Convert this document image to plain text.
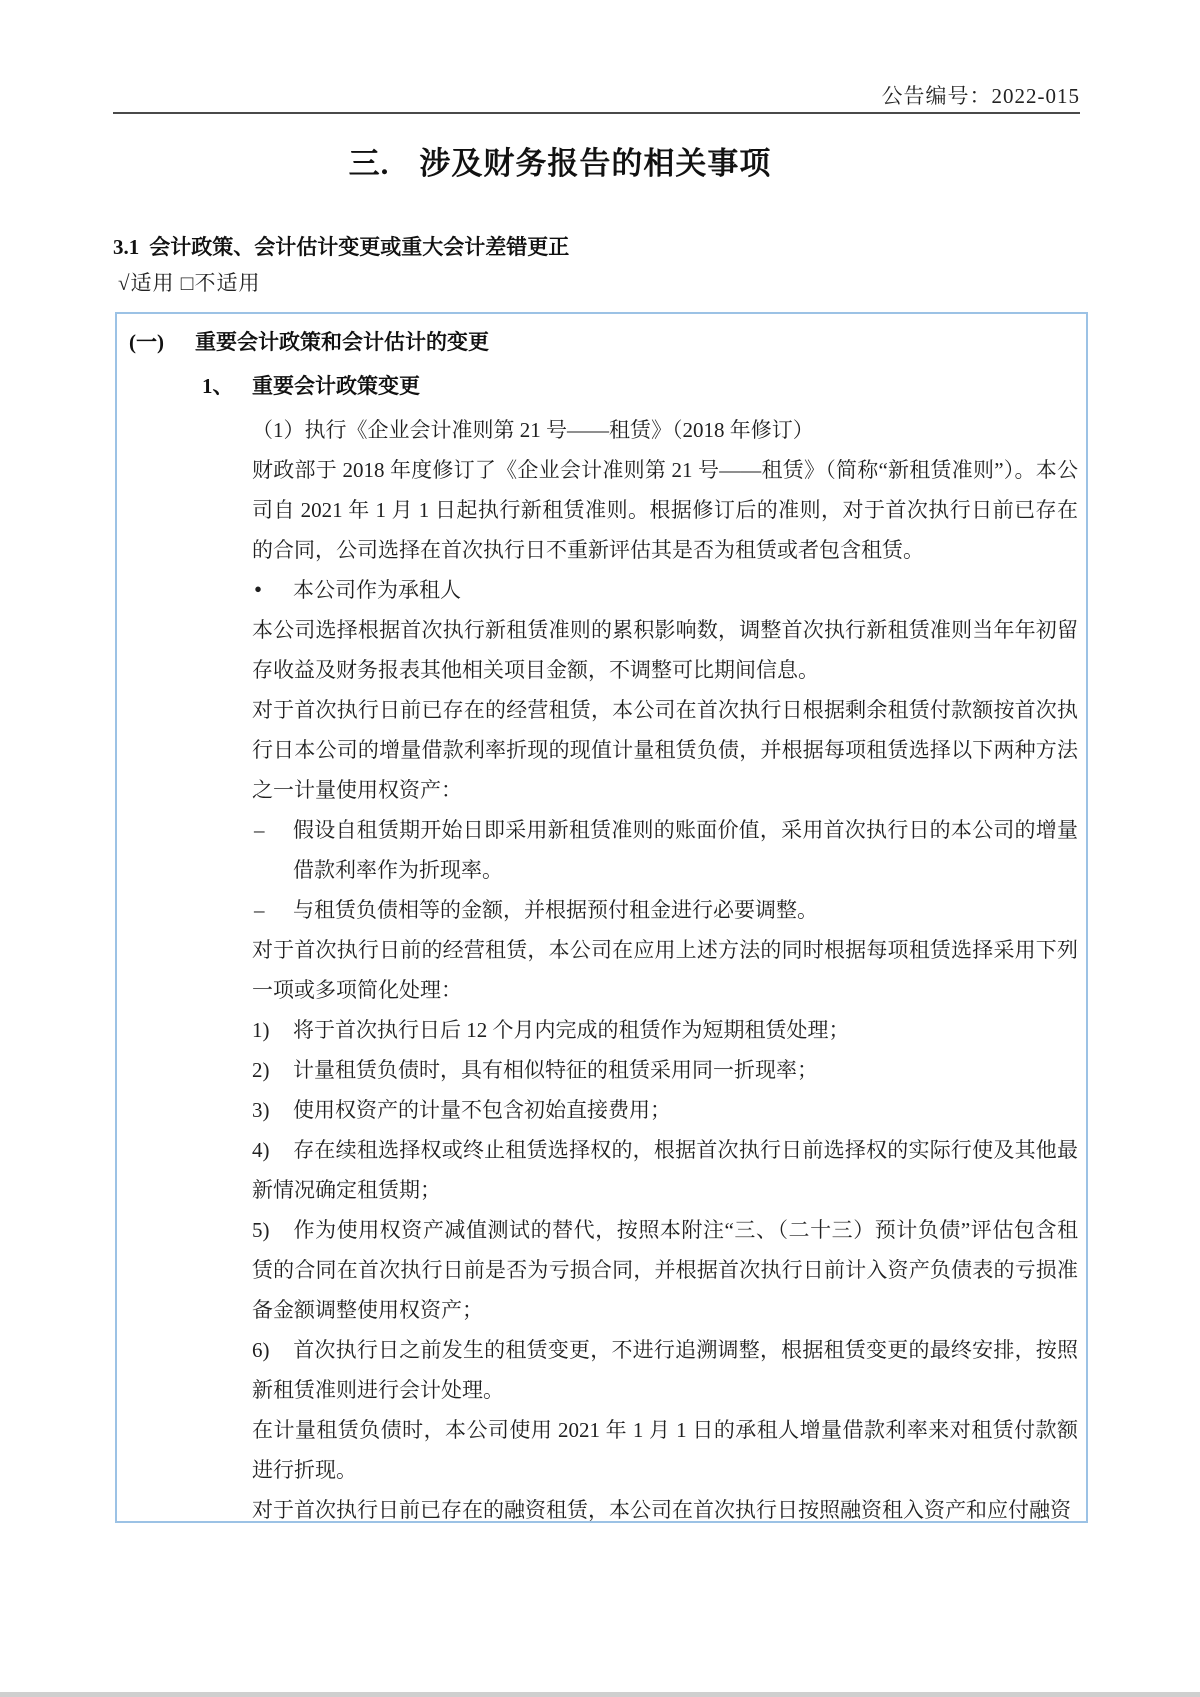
公告编号：2022-015
三. 涉及财务报告的相关事项
3.1 会计政策、会计估计变更或重大会计差错更正
√适用 □不适用
(一) 重要会计政策和会计估计的变更
1、 重要会计政策变更

（1）执行《企业会计准则第 21 号——租赁》（2018 年修订）

财政部于 2018 年度修订了《企业会计准则第 21 号——租赁》（简称“新租赁准则”）。本公司自 2021 年 1 月 1 日起执行新租赁准则。根据修订后的准则，对于首次执行日前已存在的合同，公司选择在首次执行日不重新评估其是否为租赁或者包含租赁。

• 本公司作为承租人

本公司选择根据首次执行新租赁准则的累积影响数，调整首次执行新租赁准则当年年初留存收益及财务报表其他相关项目金额，不调整可比期间信息。

对于首次执行日前已存在的经营租赁，本公司在首次执行日根据剩余租赁付款额按首次执行日本公司的增量借款利率折现的现值计量租赁负债，并根据每项租赁选择以下两种方法之一计量使用权资产：

– 假设自租赁期开始日即采用新租赁准则的账面价值，采用首次执行日的本公司的增量借款利率作为折现率。

– 与租赁负债相等的金额，并根据预付租金进行必要调整。

对于首次执行日前的经营租赁，本公司在应用上述方法的同时根据每项租赁选择采用下列一项或多项简化处理：

1) 将于首次执行日后 12 个月内完成的租赁作为短期租赁处理；

2) 计量租赁负债时，具有相似特征的租赁采用同一折现率；

3) 使用权资产的计量不包含初始直接费用；

4) 存在续租选择权或终止租赁选择权的，根据首次执行日前选择权的实际行使及其他最新情况确定租赁期；

5) 作为使用权资产减值测试的替代，按照本附注“三、（二十三）预计负债”评估包含租赁的合同在首次执行日前是否为亏损合同，并根据首次执行日前计入资产负债表的亏损准备金额调整使用权资产；

6) 首次执行日之前发生的租赁变更，不进行追溯调整，根据租赁变更的最终安排，按照新租赁准则进行会计处理。

在计量租赁负债时，本公司使用 2021 年 1 月 1 日的承租人增量借款利率来对租赁付款额进行折现。

对于首次执行日前已存在的融资租赁，本公司在首次执行日按照融资租入资产和应付融资
